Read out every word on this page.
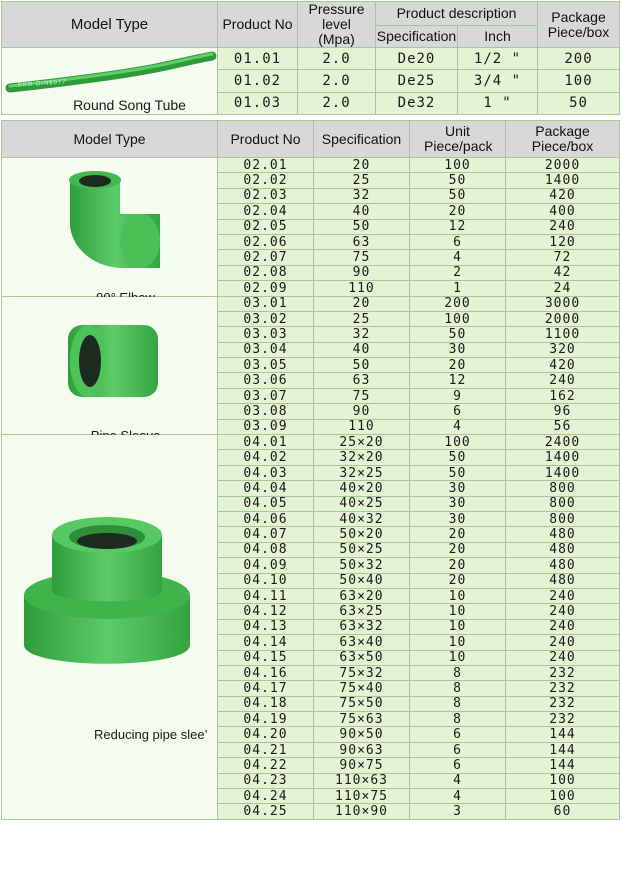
Model Type	Product No	Pressure level (Mpa)	Product description		Package Piece/box
			Specification	Inch	

PPR DIN8077
Round Song Tube	01.01	2.0	De20	1/2 "	200
	01.02	2.0	De25	3/4 "	100
	01.03	2.0	De32	1 "	50
Model Type	Product No	Specification	Unit Piece/pack	Package Piece/box

	02.01	20	100	2000
	02.02	25	50	1400
	02.03	32	50	420
	02.04	40	20	400
	02.05	50	12	240
	02.06	63	6	120
	02.07	75	4	72
	02.08	90	2	42
	02.09	110	1	24

	03.01	20	200	3000
	03.02	25	100	2000
	03.03	32	50	1100
	03.04	40	30	320
	03.05	50	20	420
	03.06	63	12	240
	03.07	75	9	162
	03.08	90	6	96
	03.09	110	4	56

Reducing pipe slee’	04.01	25×20	100	2400
	04.02	32×20	50	1400
	04.03	32×25	50	1400
	04.04	40×20	30	800
	04.05	40×25	30	800
	04.06	40×32	30	800
	04.07	50×20	20	480
	04.08	50×25	20	480
	04.09	50×32	20	480
	04.10	50×40	20	480
	04.11	63×20	10	240
	04.12	63×25	10	240
	04.13	63×32	10	240
	04.14	63×40	10	240
	04.15	63×50	10	240
	04.16	75×32	8	232
	04.17	75×40	8	232
	04.18	75×50	8	232
	04.19	75×63	8	232
	04.20	90×50	6	144
	04.21	90×63	6	144
	04.22	90×75	6	144
	04.23	110×63	4	100
	04.24	110×75	4	100
	04.25	110×90	3	60
